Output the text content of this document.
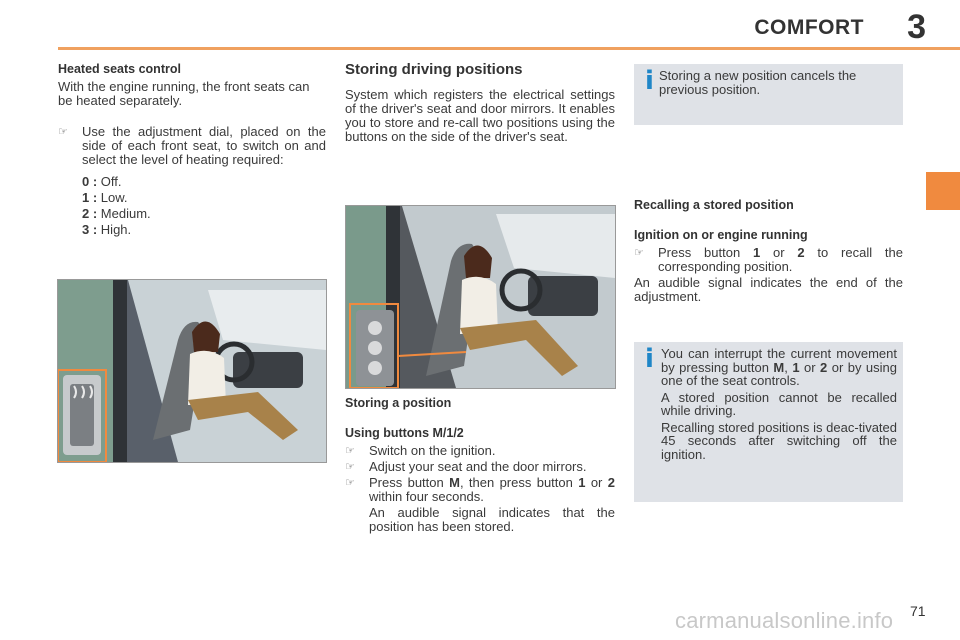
COMFORT 3
Heated seats control
With the engine running, the front seats can be heated separately.
☞ Use the adjustment dial, placed on the side of each front seat, to switch on and select the level of heating required:
0 : Off.
1 : Low.
2 : Medium.
3 : High.
Storing driving positions
System which registers the electrical settings of the driver's seat and door mirrors. It enables you to store and re-call two positions using the buttons on the side of the driver's seat.
Storing a position
Using buttons M/1/2
☞ Switch on the ignition.
☞ Adjust your seat and the door mirrors.
☞ Press button M, then press button 1 or 2 within four seconds.
An audible signal indicates that the position has been stored.
i Storing a new position cancels the previous position.
Recalling a stored position
Ignition on or engine running
☞ Press button 1 or 2 to recall the corresponding position.
An audible signal indicates the end of the adjustment.
i You can interrupt the current movement by pressing button M, 1 or 2 or by using one of the seat controls.

A stored position cannot be recalled while driving.

Recalling stored positions is deac-tivated 45 seconds after switching off the ignition.

71
carmanualsonline.info
